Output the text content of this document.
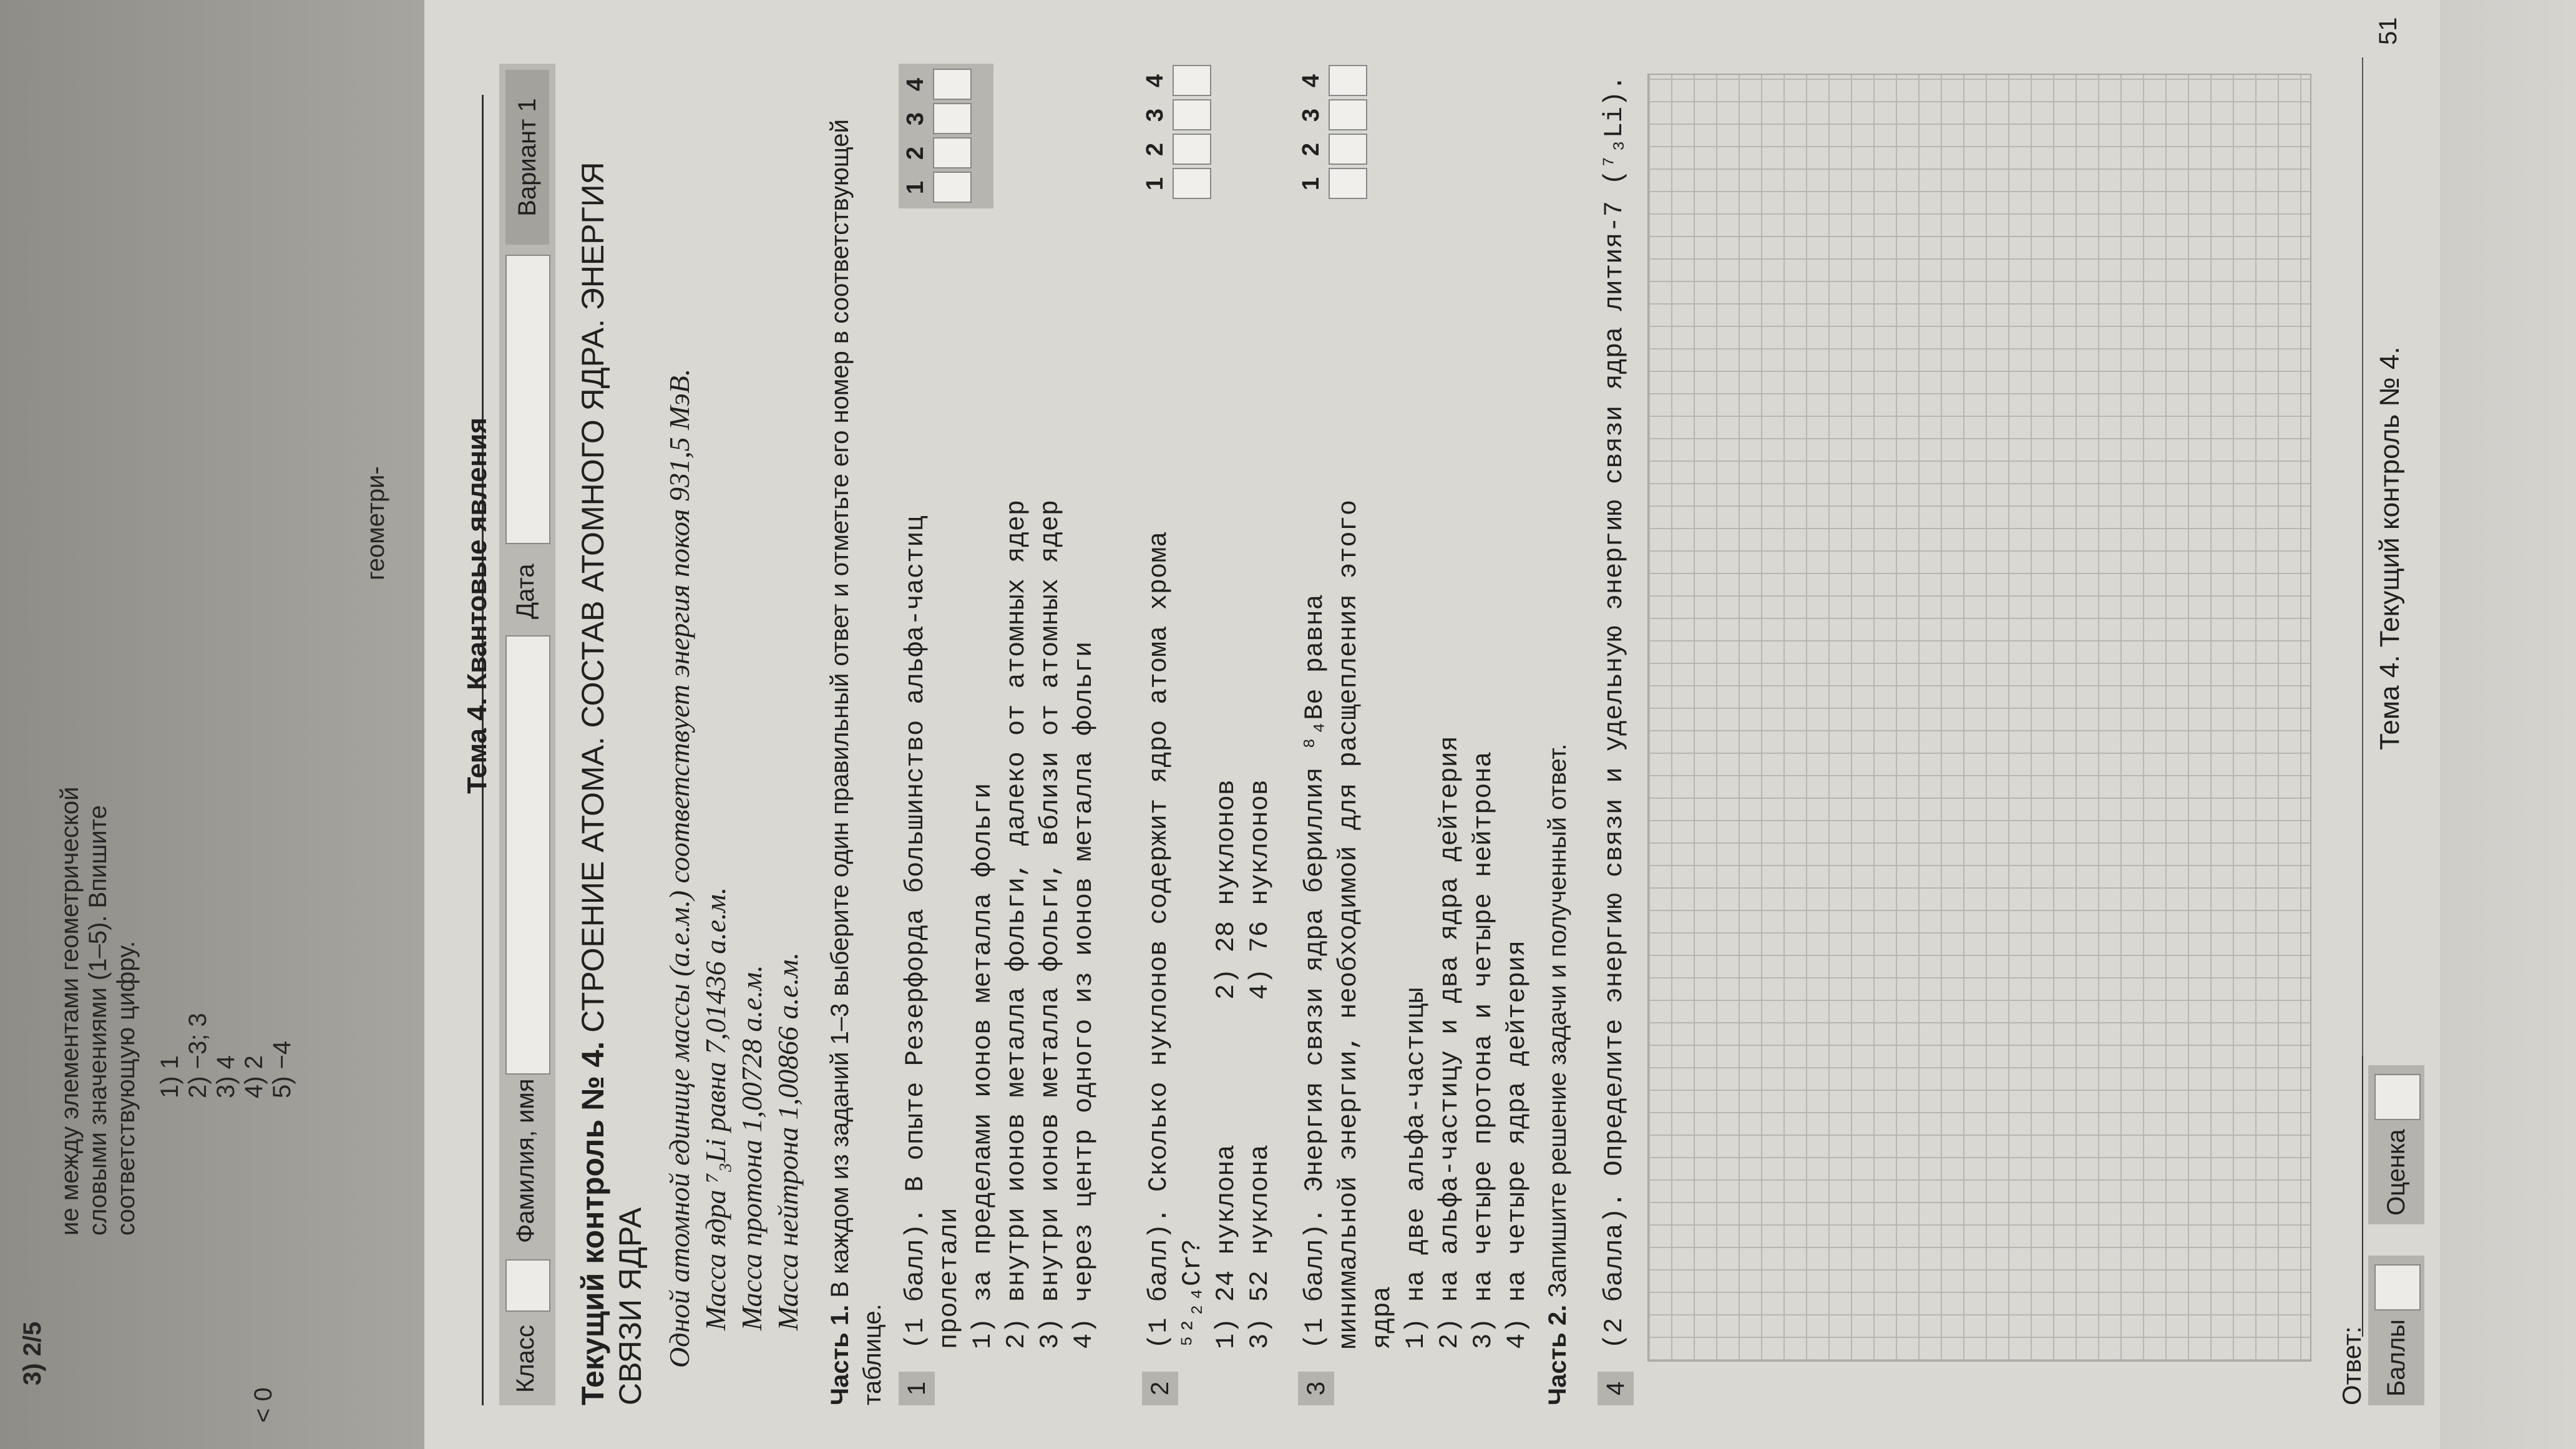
3) 2/5
ие между элементами геометрической словыми значениями (1–5). Впишите соответствующую цифру. 1) 1 2) −3; 3 3) 4 4) 2 5) −4
геометри-
< 0
Тема 4. Квантовые явления
Класс
Фамилия, имя
Дата
Вариант 1
Текущий контроль № 4. СТРОЕНИЕ АТОМА. СОСТАВ АТОМНОГО ЯДРА. ЭНЕРГИЯ СВЯЗИ ЯДРА Одной атомной единице массы (а.е.м.) соответствует энергия покоя 931,5 МэВ. Масса ядра ⁷₃Li равна 7,01436 а.е.м. Масса протона 1,00728 а.е.м. Масса нейтрона 1,00866 а.е.м.
Часть 1. В каждом из заданий 1–3 выберите один правильный ответ и отметьте его номер в соответствующей таблице. 1
(1 балл). В опыте Резерфорда большинство альфа-частиц пролетали 1) за пределами ионов металла фольги 2) внутри ионов металла фольги, далеко от атомных ядер 3) внутри ионов металла фольги, вблизи от атомных ядер 4) через центр одного из ионов металла фольги
1
2
3
4
2
(1 балл). Сколько нуклонов содержит ядро атома хрома ⁵²₂₄Cr? 1) 24 нуклона2) 28 нуклонов
3) 52 нуклона4) 76 нуклонов
1
2
3
4
3
(1 балл). Энергия связи ядра бериллия ⁸₄Be равна минимальной энергии, необходимой для расщепления этого ядра 1) на две альфа-частицы 2) на альфа-частицу и два ядра дейтерия 3) на четыре протона и четыре нейтрона 4) на четыре ядра дейтерия
1
2
3
4
Часть 2. Запишите решение задачи и полученный ответ.
4
(2 балла). Определите энергию связи и удельную энергию связи ядра лития-7 (⁷₃Li).
Ответ: Баллы
Оценка
Тема 4. Текущий контроль № 4.
51
